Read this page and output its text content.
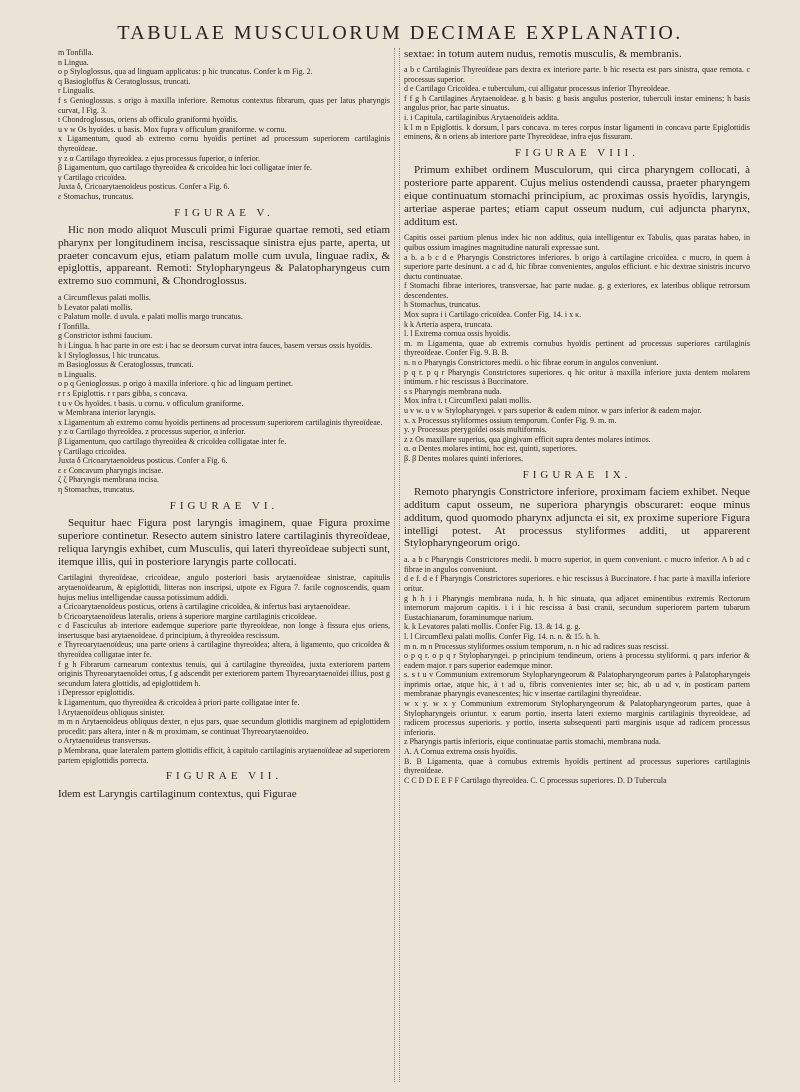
TABULAE MUSCULORUM DECIMAE EXPLANATIO.

m Tonfilla.

n Lingua.

o p Styloglossus, qua ad linguam applicatus: p hic truncatus. Confer k m Fig. 2.

q Basiogloffus & Ceratoglossus, truncati.

r Lingualis.

f s Genioglossus. s origo à maxilla inferiore. Remotus contextus fibrarum, quas per latus pharyngis curvat, l Fig. 3.

t Chondroglossus, oriens ab officulo graniformi hyoïdis.

u v w Os hyoïdes. u basis. Mox fupra v officulum graniforme. w cornu.

x Ligamentum, quod ab extremo cornu hyoïdis pertinet ad processum superiorem cartilaginis thyreoïdeae.

y z α Cartilago thyreoïdea. z ejus processus fuperior, α inferior.

β Ligamentum, quo cartilago thyreoïdea & cricoïdea hic loci colligatae inter fe.

γ Cartilago cricoïdea.

Juxta δ, Cricoarytaenoïdeus posticus. Confer a Fig. 6.

ε Stomachus, truncatus.

FIGURAE V.

Hic non modo aliquot Musculi primi Figurae quartae remoti, sed etiam pharynx per longitudinem incisa, rescissaque sinistra ejus parte, aperta, ut praeter concavum ejus, etiam palatum molle cum uvula, linguae radix, & epiglottis, appareant. Remoti: Stylopharyngeus & Palatopharyngeus cum extremo suo communi, & Chondroglossus.

a Circumflexus palati mollis.

b Levator palati mollis.

c Palatum molle. d uvula. e palati mollis margo truncatus.

f Tonfilla.

g Constrictor isthmi faucium.

h i Lingua. h hac parte in ore est: i hac se deorsum curvat intra fauces, basem versus ossis hyoïdis.

k l Styloglossus, l hic truncatus.

m Basioglossus & Ceratoglossus, truncati.

n Lingualis.

o p q Genioglossus. p origo à maxilla inferiore. q hic ad linguam pertinet.

r r s Epiglottis. r r pars gibba, s concava.

t u v Os hyoïdes. t basis. u cornu. v officulum graniforme.

w Membrana interior laryngis.

x Ligamentum ab extremo cornu hyoïdis pertinens ad processum superiorem cartilaginis thyreoïdeae.

y z α Cartilago thyreoïdea. z processus superior, α inferior.

β Ligamentum, quo cartilago thyreoïdea & cricoïdea colligatae inter fe.

γ Cartilago cricoïdea.

Juxta δ Cricoarytaenoïdeus posticus. Confer a Fig. 6.

ε ε Concavum pharyngis incisae.

ζ ζ Pharyngis membrana incisa.

η Stomachus, truncatus.

FIGURAE VI.

Sequitur haec Figura post laryngis imaginem, quae Figura proxime superiore continetur. Resecto autem sinistro latere cartilaginis thyreoïdeae, reliqua laryngis exhibet, cum Musculis, qui lateri thyreoïdeae subjecti sunt, itemque illis, qui in posteriore laryngis parte collocati.

Cartilagini thyreoïdeae, cricoïdeae, angulo posteriori basis arytaenoïdeae sinistrae, capitulis arytaenoïdearum, & epiglottidi, litteras non inscripsi, utpote ex Figura 7. facile cognoscendis, quam hujus melius intelligendae caussa potissimum addidi.

a Cricoarytaenoïdeus posticus, oriens à cartilagine cricoïdea, & infertus basi arytaenoïdeae.

b Cricoarytaenoïdeus lateralis, oriens à superiore margine cartilaginis cricoïdeae.

c d Fasciculus ab interiore eademque superiore parte thyreoïdeae, non longe à fissura ejus oriens, insertusque basi arytaenoïdeae. d principium, à thyreoïdea rescissum.

e Thyreoarytaenoïdeus; una parte oriens à cartilagine thyreoïdea; altera, à ligamento, quo cricoïdea & thyreoïdea colligatae inter fe.

f g h Fibrarum carnearum contextus tenuis, qui à cartilagine thyreoïdea, juxta exteriorem partem originis Thyreoarytaenoïdei ortus, f g adscendit per exteriorem partem Thyreoarytaenoïdei illius, post g secundum latera glottidis, ad epiglottidem h.

i Depressor epiglottidis.

k Ligamentum, quo thyreoïdea & cricoïdea à priori parte colligatae inter fe.

l Arytaenoïdeus obliquus sinister.

m m n Arytaenoïdeus obliquus dexter, n ejus pars, quae secundum glottidis marginem ad epiglottidem procedit: pars altera, inter n & m proximam, se continuat Thyreoarytaenoïdeo.

o Arytaenoïdeus transversus.

p Membrana, quae lateralem partem glottidis efficit, à capitulo cartilaginis arytaenoïdeae ad superiorem partem epiglottidis porrecta.

FIGURAE VII.

Idem est Laryngis cartilaginum contextus, qui Figurae

sextae: in totum autem nudus, remotis musculis, & membranis.

a b c Cartilaginis Thyreoïdeae pars dextra ex interiore parte. b hic resecta est pars sinistra, quae remota. c processus superior.

d e Cartilago Cricoïdea. e tuberculum, cui alligatur processus inferior Thyreoïdeae.

f f g h Cartilagines Arytaenoïdeae. g h basis: g basis angulus posterior, tuberculi instar eminens; h basis angulus prior, hac parte sinuatus.

i. i Capitula, cartilaginibus Arytaenoïdeis addita.

k l m n Epiglottis. k dorsum, l pars concava. m teres corpus instar ligamenti in concava parte Epiglottidis eminens, & n oriens ab interiore parte Thyreoïdeae, infra ejus fissuram.

FIGURAE VIII.

Primum exhibet ordinem Musculorum, qui circa pharyngem collocati, à posteriore parte apparent. Cujus melius ostendendi caussa, praeter pharyngem eique continuatum stomachi principium, ac proximas ossis hyoïdis, laryngis, arteriae asperae partes; etiam caput osseum nudum, cui adjuncta pharynx, additum est.

Capitis ossei partium plenus index hic non additus, quia intelligentur ex Tabulis, quas paratas habeo, in quibus ossium imagines magnitudine naturali expressae sunt.

a b. a b c d e Pharyngis Constrictores inferiores. b origo à cartilagine cricoïdea. c mucro, in quem à superiore parte desinunt. a c ad d, hic fibrae convenientes, angulos efficiunt. e hic dextrae sinistris incurvo ductu continuatae.

f Stomachi fibrae interiores, transversae, hac parte nudae. g. g exteriores, ex lateribus oblique retrorsum descendentes.

h Stomachus, truncatus.

Mox supra i i Cartilago cricoïdea. Confer Fig. 14. i x κ.

k k Arteria aspera, truncata.

l. l Extrema cornua ossis hyoïdis.

m. m Ligamenta, quae ab extremis cornubus hyoïdis pertinent ad processus superiores cartilaginis thyreoïdeae. Confer Fig. 9. B. B.

n. n o Pharyngis Constrictores medii. o hic fibrae eorum in angulos conveniunt.

p q r. p q r Pharyngis Constrictores superiores. q hic oritur à maxilla inferiore juxta dentem molarem intimum. r hic rescissus à Buccinatore.

s s Pharyngis membrana nuda.

Mox infra t. t Circumflexi palati mollis.

u v w. u v w Stylopharyngei. v pars superior & eadem minor. w pars inferior & eadem major.

x. x Processus styliformes ossium temporum. Confer Fig. 9. m. m.

y. y Processus pterygoïdei ossis multiformis.

z z Os maxillare superius, qua gingivam efficit supra dentes molares intimos.

α. α Dentes molares intimi, hoc est, quinti, superiores.

β. β Dentes molares quinti inferiores.

FIGURAE IX.

Remoto pharyngis Constrictore inferiore, proximam faciem exhibet. Neque additum caput osseum, ne superiora pharyngis obscuraret: eoque minus additum, quod quomodo pharynx adjuncta ei sit, ex proxime superiore Figura intelligi potest. At processus styliformes additi, ut apparerent Stylopharyngeorum origo.

a. a b c Pharyngis Constrictores medii. b mucro superior, in quem conveniunt. c mucro inferior. A b ad c fibrae in angulos conveniunt.

d e f. d e f Pharyngis Constrictores superiores. e hic rescissus à Buccinatore. f hac parte à maxilla inferiore oritur.

g h h i i Pharyngis membrana nuda, h. h hic sinuata, qua adjacet eminentibus extremis Rectorum internorum majorum capitis. i i i hic rescissa à basi cranii, secundum superiorem partem tubarum Eustachianarum, foraminumque narium.

k. k Levatores palati mollis. Confer Fig. 13. & 14. g. g.

l. l Circumflexi palati mollis. Confer Fig. 14. n. n. & 15. h. h.

m n. m n Processus styliformes ossium temporum, n. n hic ad radices suas rescissi.

o p q r. o p q r Stylopharyngei. p principium tendineum, oriens à processu styliformi. q pars inferior & eadem major. r pars superior eademque minor.

s. s t u v Communium extremorum Stylopharyngeorum & Palatopharyngeorum partes à Palatopharyngeis inprimis ortae, atque hic, à t ad u, fibris convenientes inter se; hic, ab u ad v, in posticam partem membranae pharyngis evanescentes; hic v insertae cartilagini thyreoïdeae.

w x y. w x y Communium extremorum Stylopharyngeorum & Palatopharyngeorum partes, quae à Stylopharyngeis oriuntur. x earum portio, inserta lateri externo marginis cartilaginis thyreoïdeae, ad radicem processus superioris. y portio, inserta subsequenti parti marginis usque ad radicem processus inferioris.

z Pharyngis partis inferioris, eique continuatae partis stomachi, membrana nuda.

A. A Cornua extrema ossis hyoïdis.

B. B Ligamenta, quae à cornubus extremis hyoïdis pertinent ad processus superiores cartilaginis thyreoïdeae.

C C D D E E F F Cartilago thyreoïdea. C. C processus superiores. D. D Tubercula
